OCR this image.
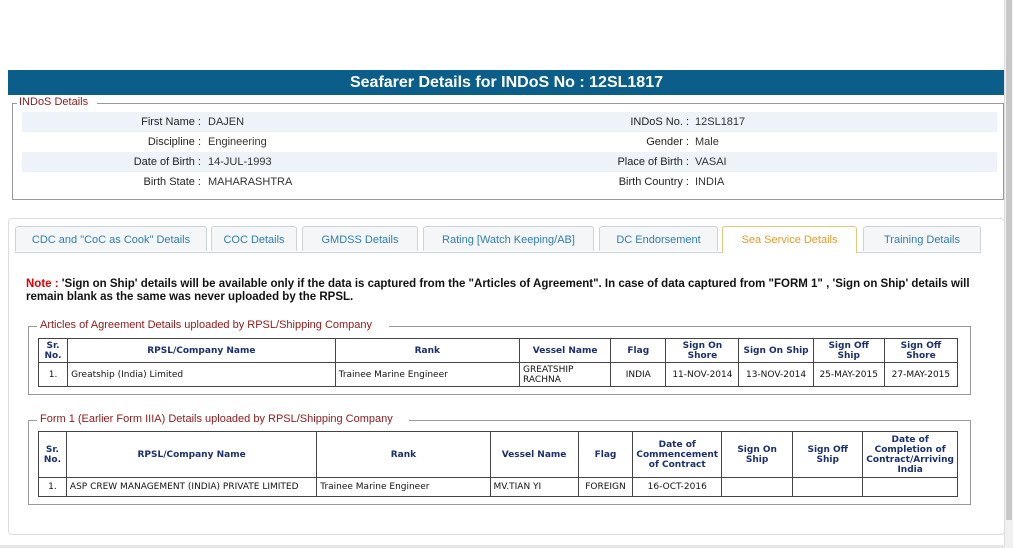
Seafarer Details for INDoS No : 12SL1817
INDoS Details
First Name : DAJEN	INDoS No. : 12SL1817
Discipline : Engineering	Gender : Male
Date of Birth : 14-JUL-1993	Place of Birth : VASAI
Birth State : MAHARASHTRA	Birth Country : INDIA
CDC and "CoC as Cook" Details	COC Details	GMDSS Details	Rating [Watch Keeping/AB]	DC Endorsement	Sea Service Details	Training Details
Note : 'Sign on Ship' details will be available only if the data is captured from the "Articles of Agreement". In case of data captured from "FORM 1" , 'Sign on Ship' details will remain blank as the same was never uploaded by the RPSL.
Articles of Agreement Details uploaded by RPSL/Shipping Company
Sr. No.	RPSL/Company Name	Rank	Vessel Name	Flag	Sign On Shore	Sign On Ship	Sign Off Ship	Sign Off Shore
1.	Greatship (India) Limited	Trainee Marine Engineer	GREATSHIP RACHNA	INDIA	11-NOV-2014	13-NOV-2014	25-MAY-2015	27-MAY-2015
Form 1 (Earlier Form IIIA) Details uploaded by RPSL/Shipping Company
Sr. No.	RPSL/Company Name	Rank	Vessel Name	Flag	Date of Commencement of Contract	Sign On Ship	Sign Off Ship	Date of Completion of Contract/Arriving India
1.	ASP CREW MANAGEMENT (INDIA) PRIVATE LIMITED	Trainee Marine Engineer	MV.TIAN YI	FOREIGN	16-OCT-2016			
